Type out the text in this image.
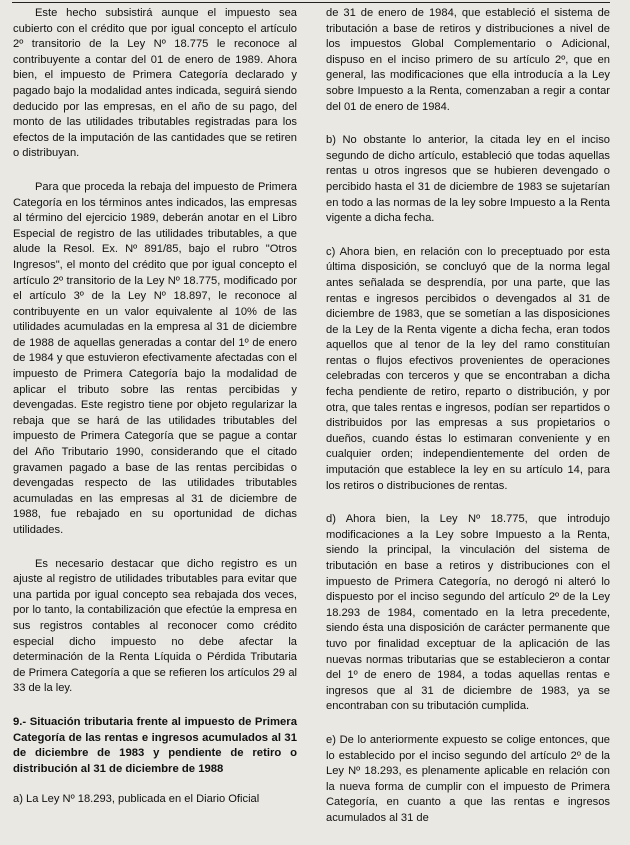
Este hecho subsistirá aunque el impuesto sea cubierto con el crédito que por igual concepto el artículo 2º transitorio de la Ley Nº 18.775 le reconoce al contribuyente a contar del 01 de enero de 1989. Ahora bien, el impuesto de Primera Categoría declarado y pagado bajo la modalidad antes indicada, seguirá siendo deducido por las empresas, en el año de su pago, del monto de las utilidades tributables registradas para los efectos de la imputación de las cantidades que se retiren o distribuyan.

Para que proceda la rebaja del impuesto de Primera Categoría en los términos antes indicados, las empresas al término del ejercicio 1989, deberán anotar en el Libro Especial de registro de las utilidades tributables, a que alude la Resol. Ex. Nº 891/85, bajo el rubro "Otros Ingresos", el monto del crédito que por igual concepto el artículo 2º transitorio de la Ley Nº 18.775, modificado por el artículo 3º de la Ley Nº 18.897, le reconoce al contribuyente en un valor equivalente al 10% de las utilidades acumuladas en la empresa al 31 de diciembre de 1988 de aquellas generadas a contar del 1º de enero de 1984 y que estuvieron efectivamente afectadas con el impuesto de Primera Categoría bajo la modalidad de aplicar el tributo sobre las rentas percibidas y devengadas. Este registro tiene por objeto regularizar la rebaja que se hará de las utilidades tributables del impuesto de Primera Categoría que se pague a contar del Año Tributario 1990, considerando que el citado gravamen pagado a base de las rentas percibidas o devengadas respecto de las utilidades tributables acumuladas en las empresas al 31 de diciembre de 1988, fue rebajado en su oportunidad de dichas utilidades.

Es necesario destacar que dicho registro es un ajuste al registro de utilidades tributables para evitar que una partida por igual concepto sea rebajada dos veces, por lo tanto, la contabilización que efectúe la empresa en sus registros contables al reconocer como crédito especial dicho impuesto no debe afectar la determinación de la Renta Líquida o Pérdida Tributaria de Primera Categoría a que se refieren los artículos 29 al 33 de la ley.

9.- Situación tributaria frente al impuesto de Primera Categoría de las rentas e ingresos acumulados al 31 de diciembre de 1983 y pendiente de retiro o distribución al 31 de diciembre de 1988

a) La Ley Nº 18.293, publicada en el Diario Oficial

de 31 de enero de 1984, que estableció el sistema de tributación a base de retiros y distribuciones a nivel de los impuestos Global Complementario o Adicional, dispuso en el inciso primero de su artículo 2º, que en general, las modificaciones que ella introducía a la Ley sobre Impuesto a la Renta, comenzaban a regir a contar del 01 de enero de 1984.

b) No obstante lo anterior, la citada ley en el inciso segundo de dicho artículo, estableció que todas aquellas rentas u otros ingresos que se hubieren devengado o percibido hasta el 31 de diciembre de 1983 se sujetarían en todo a las normas de la ley sobre Impuesto a la Renta vigente a dicha fecha.

c) Ahora bien, en relación con lo preceptuado por esta última disposición, se concluyó que de la norma legal antes señalada se desprendía, por una parte, que las rentas e ingresos percibidos o devengados al 31 de diciembre de 1983, que se sometían a las disposiciones de la Ley de la Renta vigente a dicha fecha, eran todos aquellos que al tenor de la ley del ramo constituían rentas o flujos efectivos provenientes de operaciones celebradas con terceros y que se encontraban a dicha fecha pendiente de retiro, reparto o distribución, y por otra, que tales rentas e ingresos, podían ser repartidos o distribuidos por las empresas a sus propietarios o dueños, cuando éstas lo estimaran conveniente y en cualquier orden; independientemente del orden de imputación que establece la ley en su artículo 14, para los retiros o distribuciones de rentas.

d) Ahora bien, la Ley Nº 18.775, que introdujo modificaciones a la Ley sobre Impuesto a la Renta, siendo la principal, la vinculación del sistema de tributación en base a retiros y distribuciones con el impuesto de Primera Categoría, no derogó ni alteró lo dispuesto por el inciso segundo del artículo 2º de la Ley 18.293 de 1984, comentado en la letra precedente, siendo ésta una disposición de carácter permanente que tuvo por finalidad exceptuar de la aplicación de las nuevas normas tributarias que se establecieron a contar del 1º de enero de 1984, a todas aquellas rentas e ingresos que al 31 de diciembre de 1983, ya se encontraban con su tributación cumplida.

e) De lo anteriormente expuesto se colige entonces, que lo establecido por el inciso segundo del artículo 2º de la Ley Nº 18.293, es plenamente aplicable en relación con la nueva forma de cumplir con el impuesto de Primera Categoría, en cuanto a que las rentas e ingresos acumulados al 31 de
